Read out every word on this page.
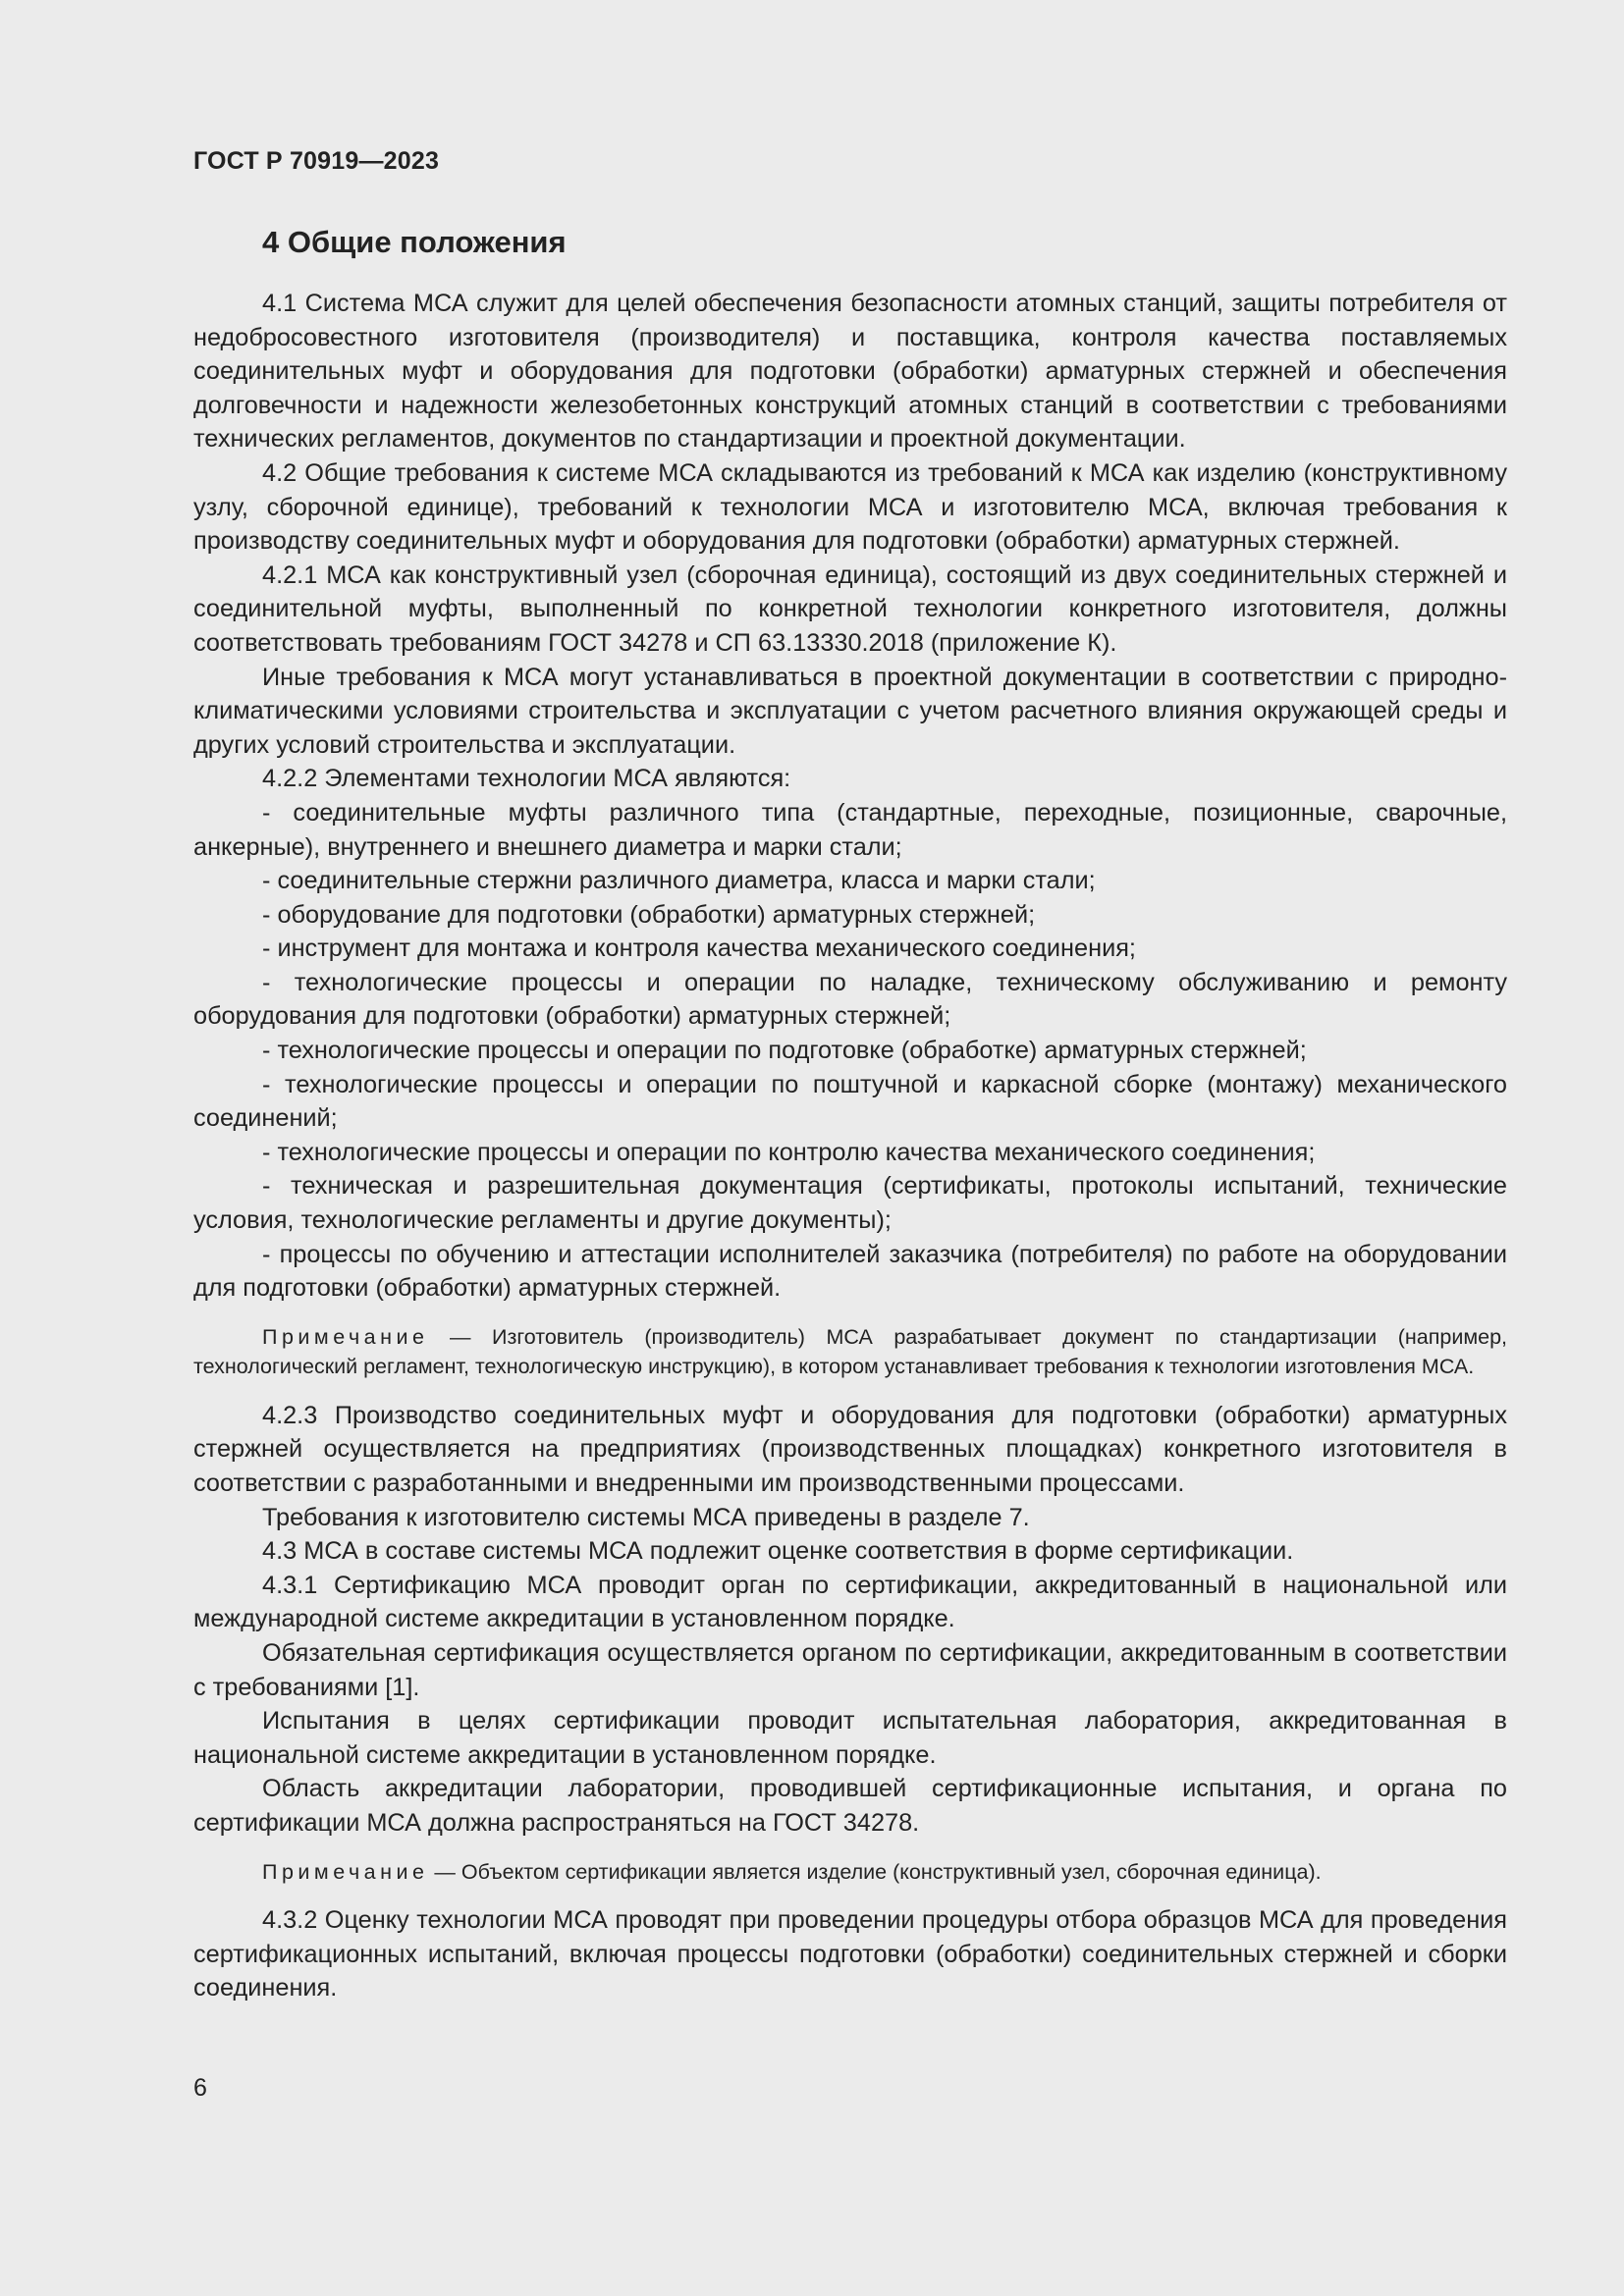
ГОСТ Р 70919—2023

4 Общие положения

4.1 Система МСА служит для целей обеспечения безопасности атомных станций, защиты потребителя от недобросовестного изготовителя (производителя) и поставщика, контроля качества поставляемых соединительных муфт и оборудования для подготовки (обработки) арматурных стержней и обеспечения долговечности и надежности железобетонных конструкций атомных станций в соответствии с требованиями технических регламентов, документов по стандартизации и проектной документации.

4.2 Общие требования к системе МСА складываются из требований к МСА как изделию (конструктивному узлу, сборочной единице), требований к технологии МСА и изготовителю МСА, включая требования к производству соединительных муфт и оборудования для подготовки (обработки) арматурных стержней.

4.2.1 МСА как конструктивный узел (сборочная единица), состоящий из двух соединительных стержней и соединительной муфты, выполненный по конкретной технологии конкретного изготовителя, должны соответствовать требованиям ГОСТ 34278 и СП 63.13330.2018 (приложение К).

Иные требования к МСА могут устанавливаться в проектной документации в соответствии с природно-климатическими условиями строительства и эксплуатации с учетом расчетного влияния окружающей среды и других условий строительства и эксплуатации.

4.2.2 Элементами технологии МСА являются:

- соединительные муфты различного типа (стандартные, переходные, позиционные, сварочные, анкерные), внутреннего и внешнего диаметра и марки стали;

- соединительные стержни различного диаметра, класса и марки стали;

- оборудование для подготовки (обработки) арматурных стержней;

- инструмент для монтажа и контроля качества механического соединения;

- технологические процессы и операции по наладке, техническому обслуживанию и ремонту оборудования для подготовки (обработки) арматурных стержней;

- технологические процессы и операции по подготовке (обработке) арматурных стержней;

- технологические процессы и операции по поштучной и каркасной сборке (монтажу) механического соединений;

- технологические процессы и операции по контролю качества механического соединения;

- техническая и разрешительная документация (сертификаты, протоколы испытаний, технические условия, технологические регламенты и другие документы);

- процессы по обучению и аттестации исполнителей заказчика (потребителя) по работе на оборудовании для подготовки (обработки) арматурных стержней.

Примечание — Изготовитель (производитель) МСА разрабатывает документ по стандартизации (например, технологический регламент, технологическую инструкцию), в котором устанавливает требования к технологии изготовления МСА.

4.2.3 Производство соединительных муфт и оборудования для подготовки (обработки) арматурных стержней осуществляется на предприятиях (производственных площадках) конкретного изготовителя в соответствии с разработанными и внедренными им производственными процессами.

Требования к изготовителю системы МСА приведены в разделе 7.

4.3 МСА в составе системы МСА подлежит оценке соответствия в форме сертификации.

4.3.1 Сертификацию МСА проводит орган по сертификации, аккредитованный в национальной или международной системе аккредитации в установленном порядке.

Обязательная сертификация осуществляется органом по сертификации, аккредитованным в соответствии с требованиями [1].

Испытания в целях сертификации проводит испытательная лаборатория, аккредитованная в национальной системе аккредитации в установленном порядке.

Область аккредитации лаборатории, проводившей сертификационные испытания, и органа по сертификации МСА должна распространяться на ГОСТ 34278.

Примечание — Объектом сертификации является изделие (конструктивный узел, сборочная единица).

4.3.2 Оценку технологии МСА проводят при проведении процедуры отбора образцов МСА для проведения сертификационных испытаний, включая процессы подготовки (обработки) соединительных стержней и сборки соединения.

6
